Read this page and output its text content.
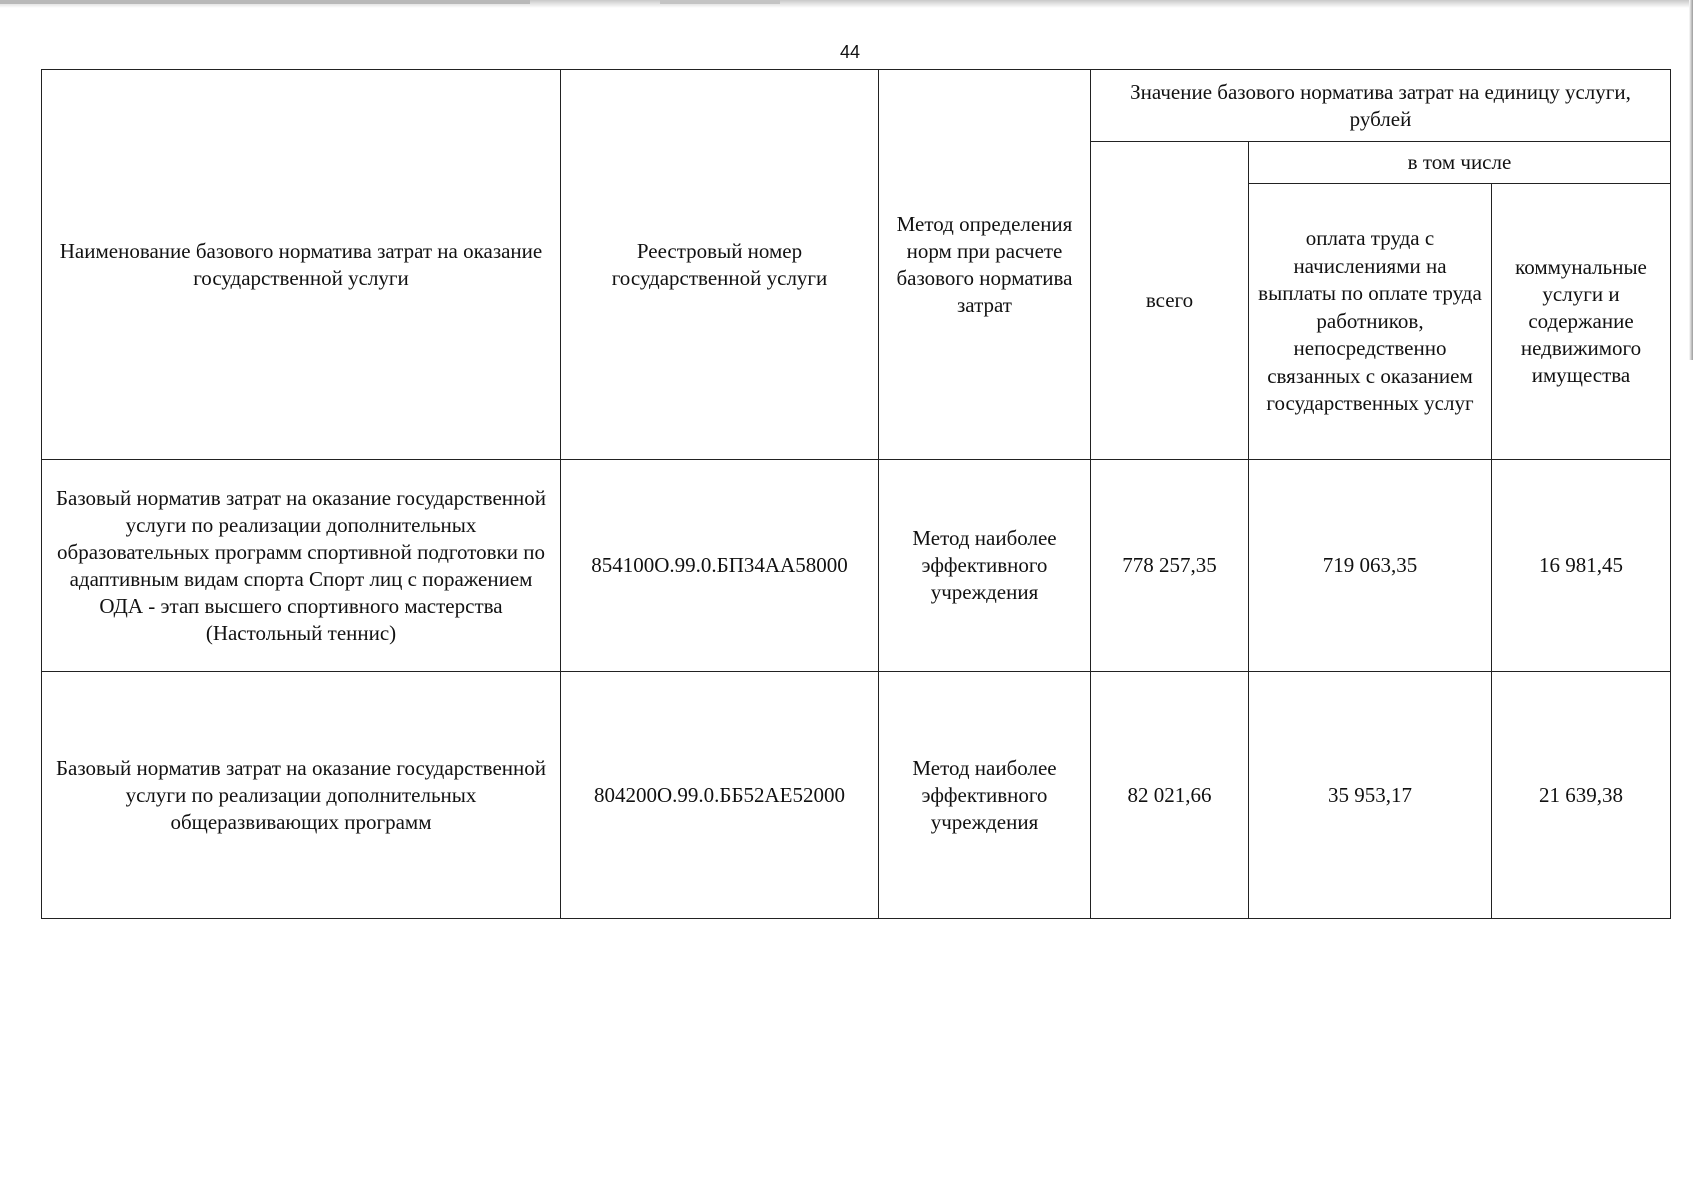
44
Наименование базового норматива затрат на оказание государственной услуги	Реестровый номер государственной услуги	Метод определения норм при расчете базового норматива затрат	Значение базового норматива затрат на единицу услуги, рублей		
			всего	в том числе	
				оплата труда с начислениями на выплаты по оплате труда работников, непосредственно связанных с оказанием государственных услуг	коммунальные услуги и содержание недвижимого имущества
Базовый норматив затрат на оказание государственной услуги по реализации дополнительных образовательных программ спортивной подготовки по адаптивным видам спорта Спорт лиц с поражением ОДА - этап высшего спортивного мастерства (Настольный теннис)	854100О.99.0.БП34АА58000	Метод наиболее эффективного учреждения	778 257,35	719 063,35	16 981,45
Базовый норматив затрат на оказание государственной услуги по реализации дополнительных общеразвивающих программ	804200О.99.0.ББ52АЕ52000	Метод наиболее эффективного учреждения	82 021,66	35 953,17	21 639,38
